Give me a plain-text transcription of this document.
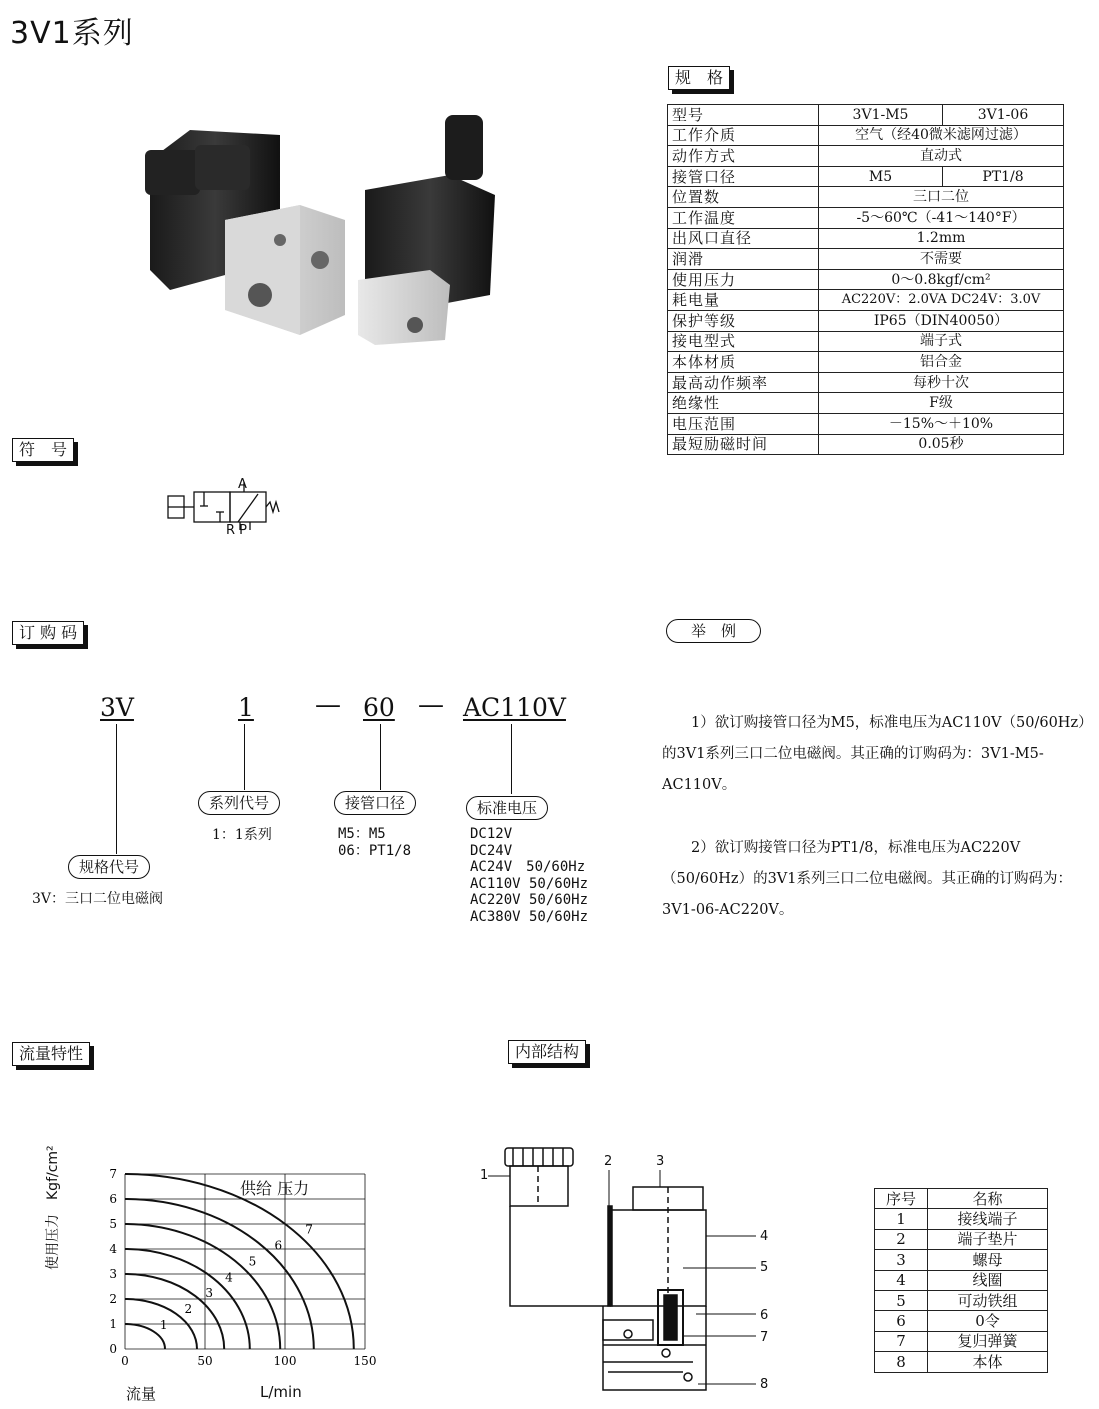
3V1系列
规　格
型号	3V1-M5	3V1-06
工作介质	空气（经40微米滤网过滤）	
动作方式	直动式	
接管口径	M5	PT1/8
位置数	三口二位	
工作温度	-5～60℃（-41～140°F）	
出风口直径	1.2mm	
润滑	不需要	
使用压力	0～0.8kgf/cm²	
耗电量	AC220V：2.0VA DC24V：3.0V	
保护等级	IP65（DIN40050）	
接电型式	端子式	
本体材质	铝合金	
最高动作频率	每秒十次	
绝缘性	F级	
电压范围	－15%～＋10%	
最短励磁时间	0.05秒	
符　号
A
R P
订 购 码
3V	1 — 60 — AC110V
规格代号
3V：三口二位电磁阀
系列代号
1：1系列
接管口径
M5：M5
06：PT1/8
标准电压
DC12V
DC24V
AC24V　50/60Hz
AC110V 50/60Hz
AC220V 50/60Hz
AC380V 50/60Hz
举　例

1）欲订购接管口径为M5，标准电压为AC110V（50/60Hz）的3V1系列三口二位电磁阀。其正确的订购码为：3V1-M5-AC110V。

2）欲订购接管口径为PT1/8，标准电压为AC220V（50/60Hz）的3V1系列三口二位电磁阀。其正确的订购码为：3V1-06-AC220V。

流量特性
0
1
2
3
4
5
6
7
0	50	100	150
1
2
3
4
5
6
7
供给 压力
流量	L/min
使用压力　Kgf/cm²
内部结构
1
2	3
4
5
6
7
8
序号	名称
1	接线端子
2	端子垫片
3	螺母
4	线圈
5	可动铁组
6	0令
7	复归弹簧
8	本体
